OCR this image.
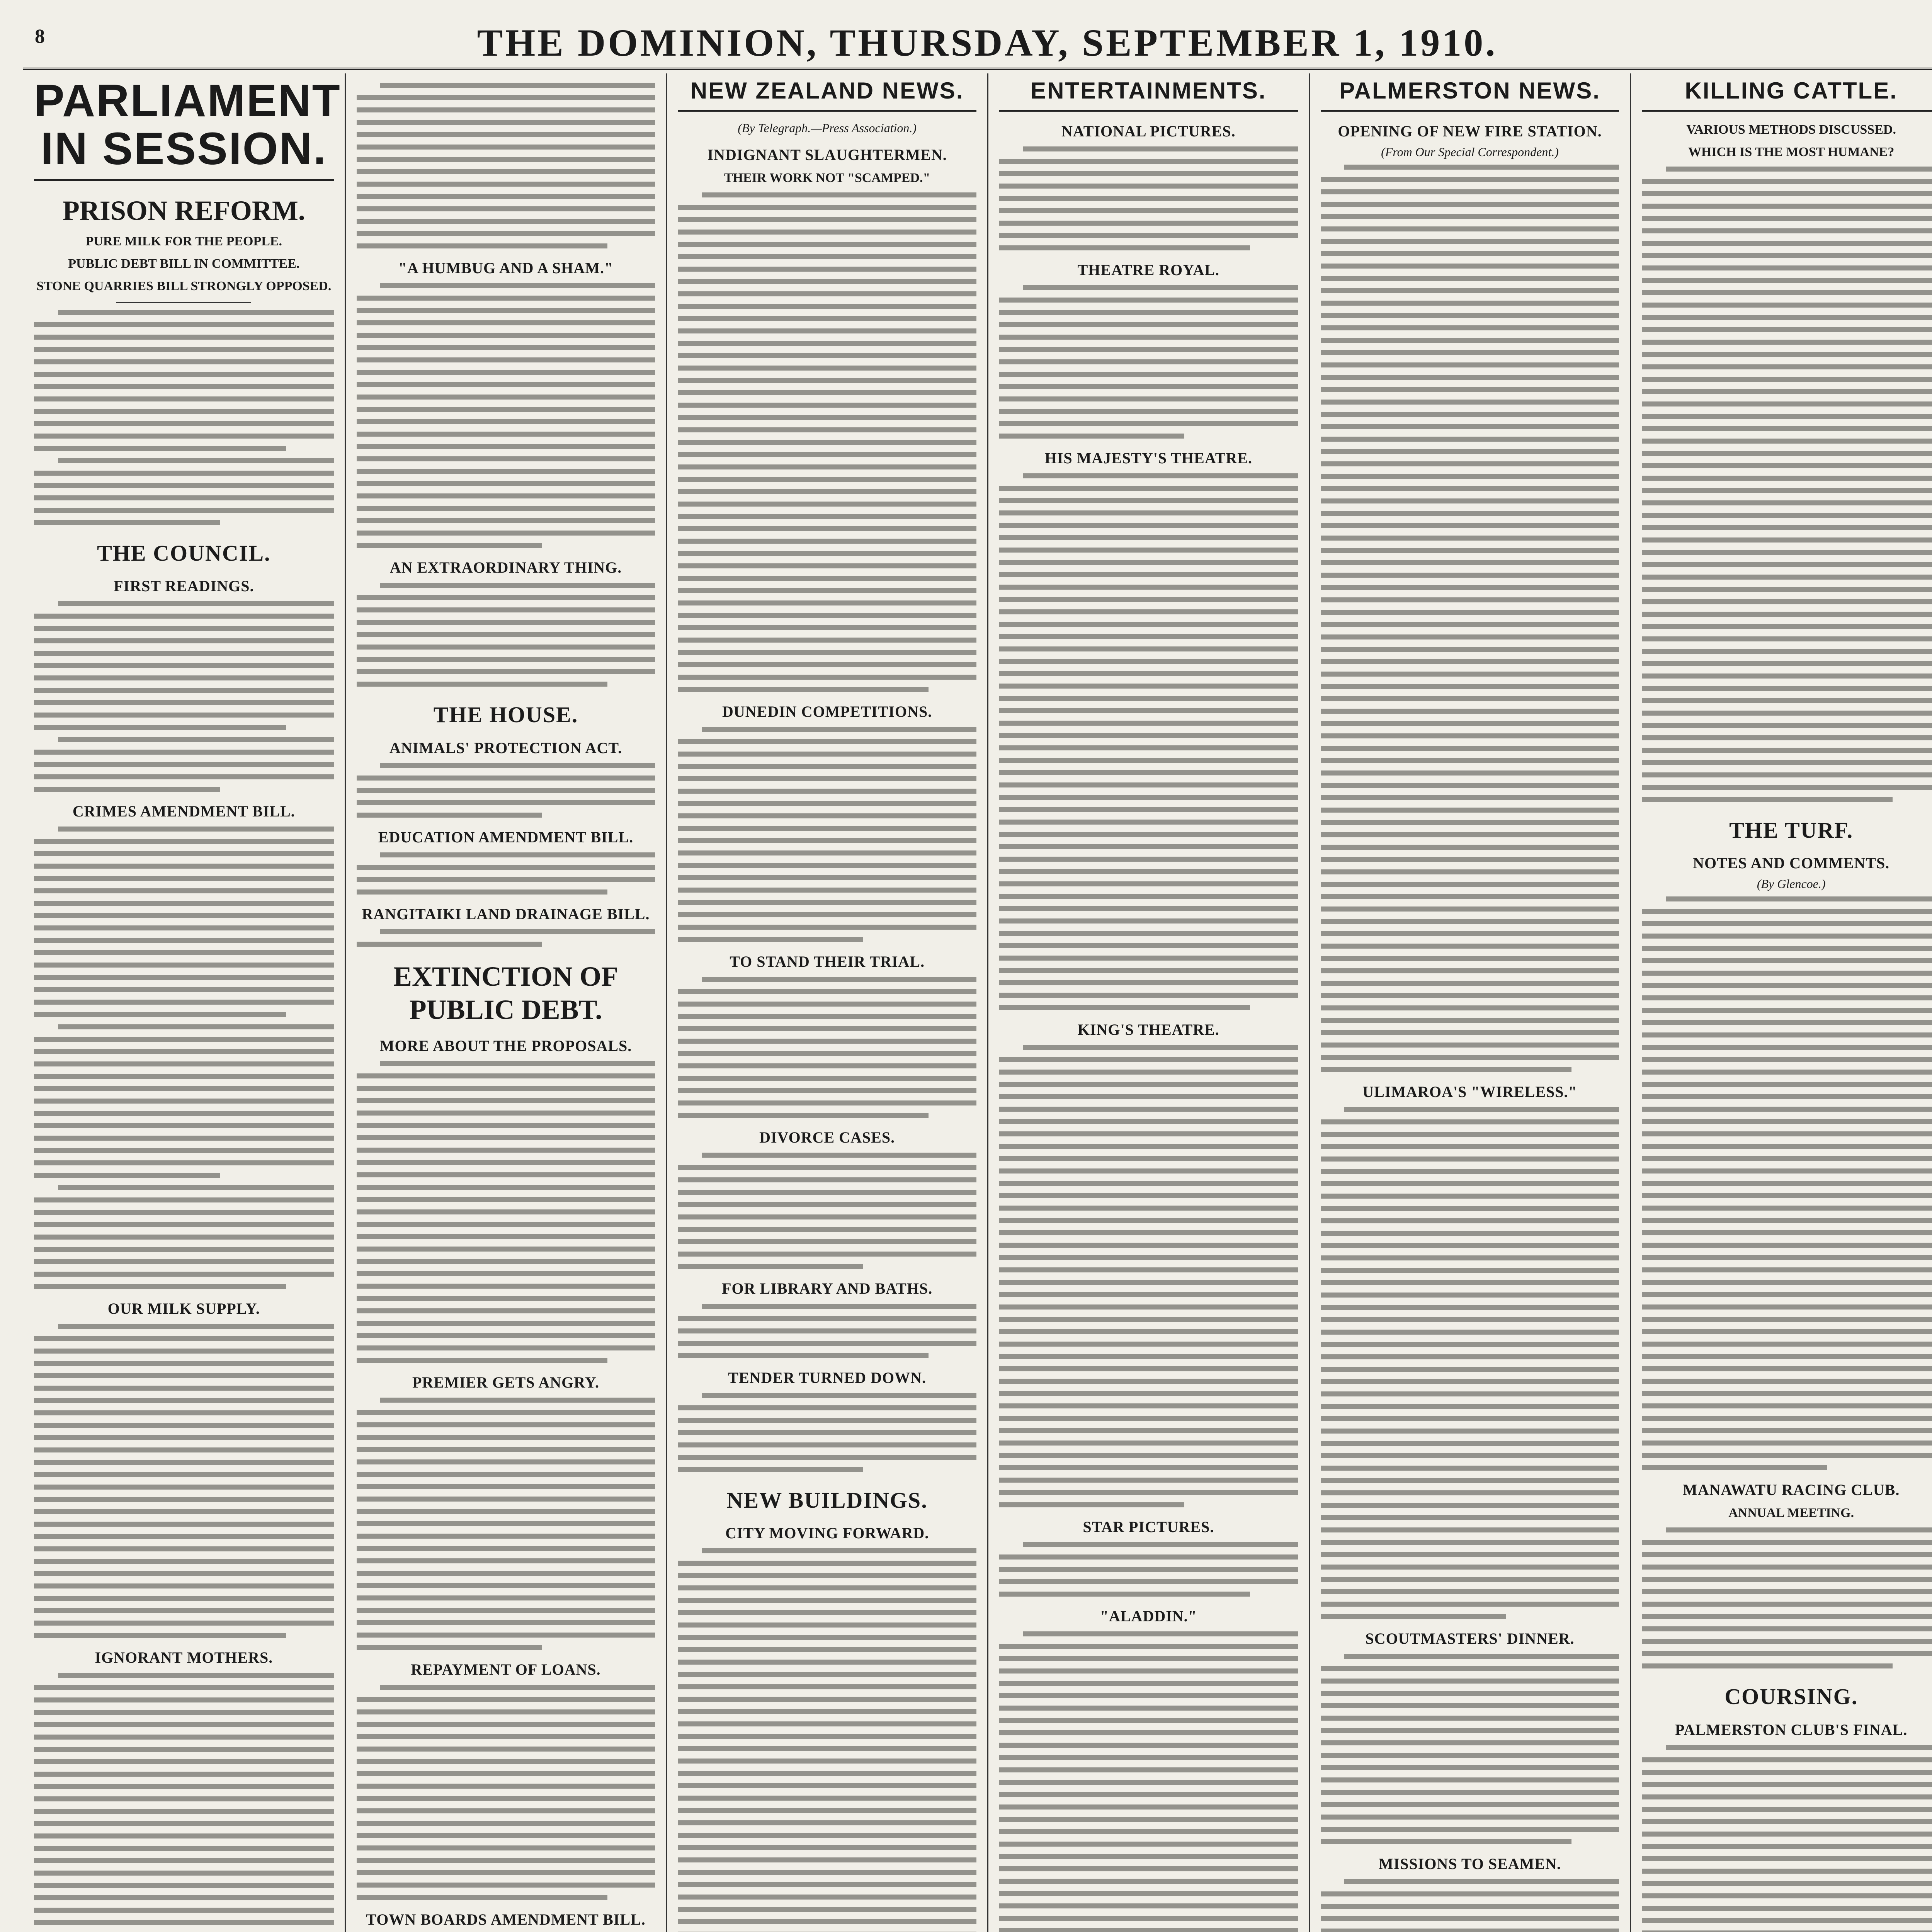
8	THE DOMINION, THURSDAY, SEPTEMBER 1, 1910.
PARLIAMENT IN SESSION.
PRISON REFORM.
PURE MILK FOR THE PEOPLE.
PUBLIC DEBT BILL IN COMMITTEE.
STONE QUARRIES BILL STRONGLY OPPOSED.
THE COUNCIL.
FIRST READINGS.
CRIMES AMENDMENT BILL.
OUR MILK SUPPLY.
IGNORANT MOTHERS.
"A HUMBUG AND A SHAM."
AN EXTRAORDINARY THING.
THE HOUSE.
ANIMALS' PROTECTION ACT.
EDUCATION AMENDMENT BILL.
RANGITAIKI LAND DRAINAGE BILL.
EXTINCTION OF PUBLIC DEBT.
MORE ABOUT THE PROPOSALS.
PREMIER GETS ANGRY.
REPAYMENT OF LOANS.
TOWN BOARDS AMENDMENT BILL.
NEW ZEALAND NEWS.
(By Telegraph.—Press Association.)
INDIGNANT SLAUGHTERMEN.
THEIR WORK NOT "SCAMPED."
DUNEDIN COMPETITIONS.
TO STAND THEIR TRIAL.
DIVORCE CASES.
FOR LIBRARY AND BATHS.
TENDER TURNED DOWN.
NEW BUILDINGS.
CITY MOVING FORWARD.
ENTERTAINMENTS.
NATIONAL PICTURES.
THEATRE ROYAL.
HIS MAJESTY'S THEATRE.
KING'S THEATRE.
STAR PICTURES.
"ALADDIN."
PALMERSTON NEWS.
OPENING OF NEW FIRE STATION.
(From Our Special Correspondent.)
ULIMAROA'S "WIRELESS."
SCOUTMASTERS' DINNER.
MISSIONS TO SEAMEN.
KILLING CATTLE.
VARIOUS METHODS DISCUSSED.
WHICH IS THE MOST HUMANE?
THE TURF.
NOTES AND COMMENTS.
(By Glencoe.)
MANAWATU RACING CLUB.
ANNUAL MEETING.
COURSING.
PALMERSTON CLUB'S FINAL.
